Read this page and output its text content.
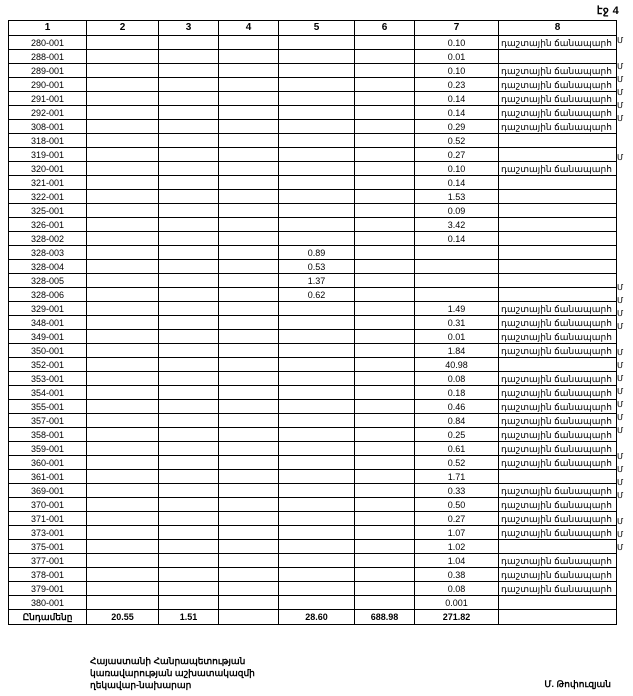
էջ 4
1	2	3	4	5	6	7	8
280-001						0.10	դաշտային ճանապարհ
288-001						0.01	
289-001						0.10	դաշտային ճանապարհ
290-001						0.23	դաշտային ճանապարհ
291-001						0.14	դաշտային ճանապարհ
292-001						0.14	դաշտային ճանապարհ
308-001						0.29	դաշտային ճանապարհ
318-001						0.52	
319-001						0.27	
320-001						0.10	դաշտային ճանապարհ
321-001						0.14	
322-001						1.53	
325-001						0.09	
326-001						3.42	
328-002						0.14	
328-003				0.89			
328-004				0.53			
328-005				1.37			
328-006				0.62			
329-001						1.49	դաշտային ճանապարհ
348-001						0.31	դաշտային ճանապարհ
349-001						0.01	դաշտային ճանապարհ
350-001						1.84	դաշտային ճանապարհ
352-001						40.98	
353-001						0.08	դաշտային ճանապարհ
354-001						0.18	դաշտային ճանապարհ
355-001						0.46	դաշտային ճանապարհ
357-001						0.84	դաշտային ճանապարհ
358-001						0.25	դաշտային ճանապարհ
359-001						0.61	դաշտային ճանապարհ
360-001						0.52	դաշտային ճանապարհ
361-001						1.71	
369-001						0.33	դաշտային ճանապարհ
370-001						0.50	դաշտային ճանապարհ
371-001						0.27	դաշտային ճանապարհ
373-001						1.07	դաշտային ճանապարհ
375-001						1.02	
377-001						1.04	դաշտային ճանապարհ
378-001						0.38	դաշտային ճանապարհ
379-001						0.08	դաշտային ճանապարհ
380-001						0.001	
Ընդամենը	20.55	1.51		28.60	688.98	271.82	
Մ
Մ
Մ
Մ
Մ
Մ
Մ
Մ
Մ
Մ
Մ
Մ
Մ
Մ
Մ
Մ
Մ
Մ
Մ
Մ
Մ
Մ
Մ
Մ
Մ
Հայաստանի Հանրապետության
կառավարության աշխատակազմի
ղեկավար-նախարար	Մ. Թոփուզյան
